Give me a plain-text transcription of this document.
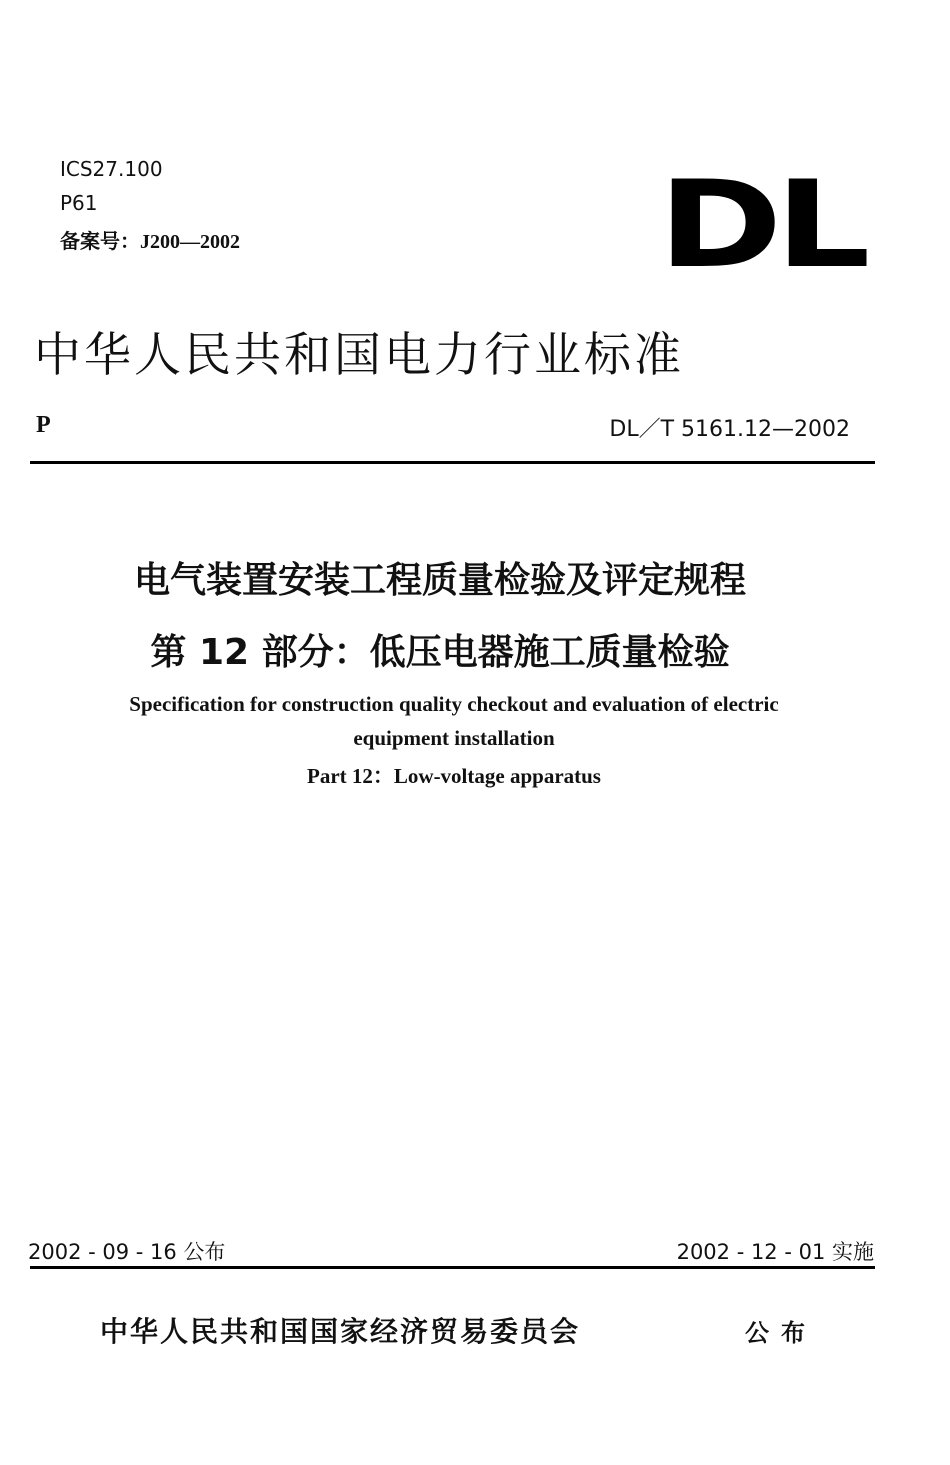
ICS27.100
P61
备案号：J200—2002	DL
中华人民共和国电力行业标准
P	DL／T 5161.12—2002
电气装置安装工程质量检验及评定规程
第 12 部分：低压电器施工质量检验
Specification for construction quality checkout and evaluation of electric
equipment installation
Part 12：Low-voltage apparatus
2002 - 09 - 16 公布	2002 - 12 - 01 实施
中华人民共和国国家经济贸易委员会	公布
